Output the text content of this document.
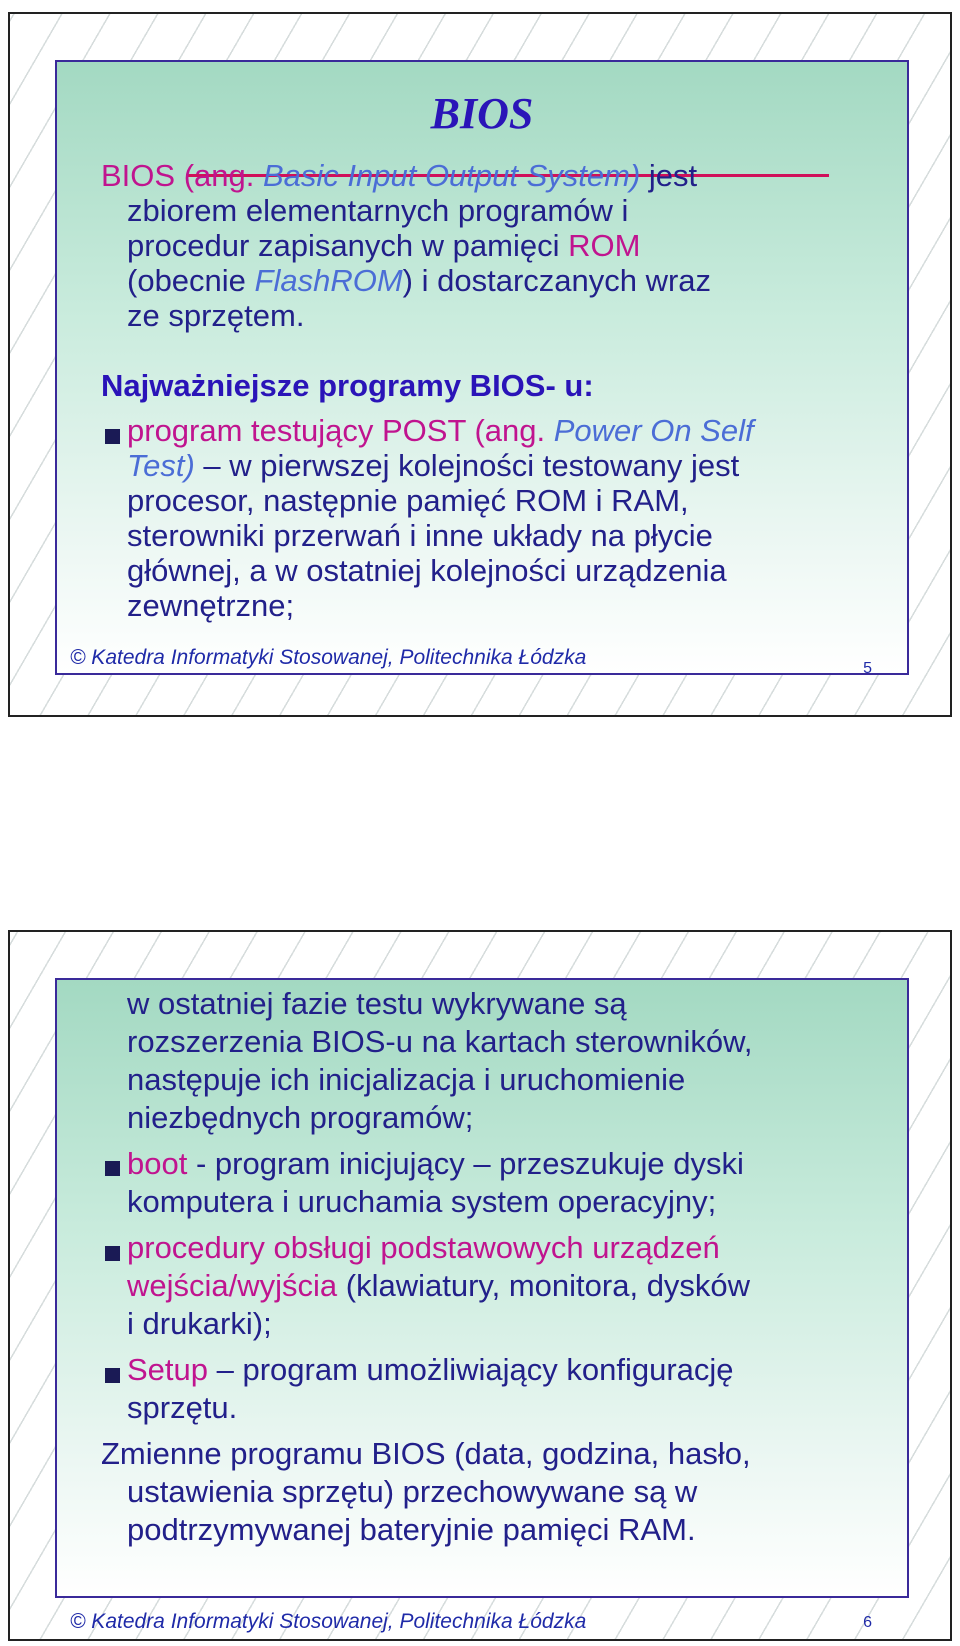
BIOS
BIOS (ang. Basic Input Output System) jest
zbiorem elementarnych programów i
procedur zapisanych w pamięci ROM
(obecnie FlashROM) i dostarczanych wraz
ze sprzętem.
Najważniejsze programy BIOS- u:
program testujący POST (ang. Power On Self
Test) – w pierwszej kolejności testowany jest
procesor, następnie pamięć ROM i RAM,
sterowniki przerwań i inne układy na płycie
głównej, a w ostatniej kolejności urządzenia
zewnętrzne;
© Katedra Informatyki Stosowanej, Politechnika Łódzka	5
w ostatniej fazie testu wykrywane są
rozszerzenia BIOS-u na kartach sterowników,
następuje ich inicjalizacja i uruchomienie
niezbędnych programów;
boot - program inicjujący – przeszukuje dyski
komputera i uruchamia system operacyjny;
procedury obsługi podstawowych urządzeń
wejścia/wyjścia (klawiatury, monitora, dysków
i drukarki);
Setup – program umożliwiający konfigurację
sprzętu.
Zmienne programu BIOS (data, godzina, hasło,
ustawienia sprzętu) przechowywane są w
podtrzymywanej bateryjnie pamięci RAM.
© Katedra Informatyki Stosowanej, Politechnika Łódzka	6
